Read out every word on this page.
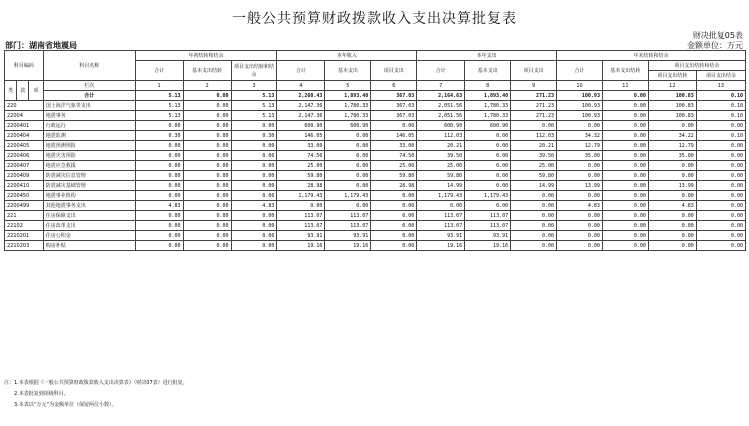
一般公共预算财政拨款收入支出决算批复表
财决批复05表
部门：湖南省地震局	金额单位：万元
科目编码			科目名称	年初结转和结余			本年收入			本年支出			年末结转和结余			
				合计	基本支出结转	项目支出结转和结余	合计	基本支出	项目支出	合计	基本支出	项目支出	合计	基本支出结转	项目支出结转和结余	
															项目支出结转	项目支出结余
类	款	项	栏次	1	2	3	4	5	6	7	8	9	10	11	12	13
			合计	5.13	0.00	5.13	2,260.43	1,893.40	367.03	2,164.63	1,893.40	271.23	100.93	0.00	100.83	0.10
220			国土海洋气象等支出	5.13	0.00	5.13	2,147.36	1,780.33	367.03	2,051.56	1,780.33	271.23	100.93	0.00	100.83	0.10
22004			地震事务	5.13	0.00	5.13	2,147.36	1,780.33	367.03	2,051.56	1,780.33	271.23	100.93	0.00	100.83	0.10
2200401			行政运行	0.00	0.00	0.00	600.90	600.90	0.00	600.90	600.90	0.00	0.00	0.00	0.00	0.00
2200404			地震监测	0.30	0.00	0.30	146.05	0.00	146.05	112.03	0.00	112.03	34.32	0.00	34.22	0.10
2200405			地震预测预报	0.00	0.00	0.00	33.00	0.00	33.00	20.21	0.00	20.21	12.79	0.00	12.79	0.00
2200406			地震灾害预防	0.00	0.00	0.00	74.50	0.00	74.50	39.50	0.00	39.50	35.00	0.00	35.00	0.00
2200407			地震应急救援	0.00	0.00	0.00	25.00	0.00	25.00	25.00	0.00	25.00	0.00	0.00	0.00	0.00
2200409			防震减灾信息管理	0.00	0.00	0.00	59.80	0.00	59.80	59.80	0.00	59.80	0.00	0.00	0.00	0.00
2200410			防震减灾基础管理	0.00	0.00	0.00	28.98	0.00	28.98	14.99	0.00	14.99	13.99	0.00	13.99	0.00
2200450			地震事业机构	0.00	0.00	0.00	1,179.43	1,179.43	0.00	1,179.43	1,179.43	0.00	0.00	0.00	0.00	0.00
2200499			其他地震事务支出	4.83	0.00	4.83	0.00	0.00	0.00	0.00	0.00	0.00	4.83	0.00	4.83	0.00
221			住房保障支出	0.00	0.00	0.00	113.07	113.07	0.00	113.07	113.07	0.00	0.00	0.00	0.00	0.00
22102			住房改革支出	0.00	0.00	0.00	113.07	113.07	0.00	113.07	113.07	0.00	0.00	0.00	0.00	0.00
2210201			住房公积金	0.00	0.00	0.00	93.91	93.91	0.00	93.91	93.91	0.00	0.00	0.00	0.00	0.00
2210203			购房补贴	0.00	0.00	0.00	19.16	19.16	0.00	19.16	19.16	0.00	0.00	0.00	0.00	0.00
注：1.本表根据《一般公共预算财政拨款收入支出决算表》（财决07表）进行批复。
2.本表批复到项级科目。
3.本表以“万元”为金额单位（保留两位小数）。
